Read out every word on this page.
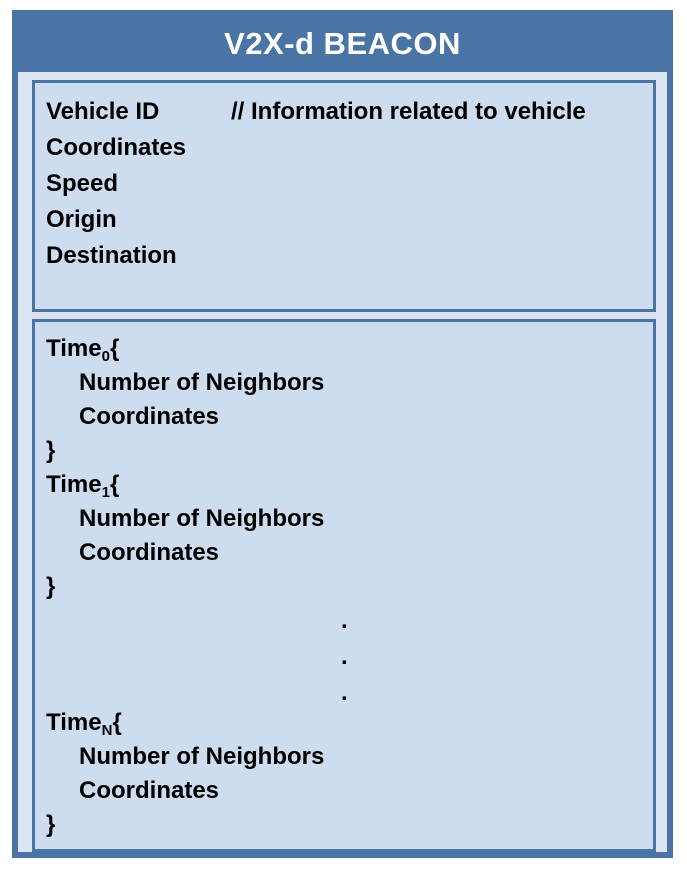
V2X-d BEACON
Vehicle ID	// Information related to vehicle
Coordinates
Speed
Origin
Destination
Time$_0${
Number of Neighbors
Coordinates
}
Time$_1${
Number of Neighbors
Coordinates
}
.
.
.
Time$_N${
Number of Neighbors
Coordinates
}
